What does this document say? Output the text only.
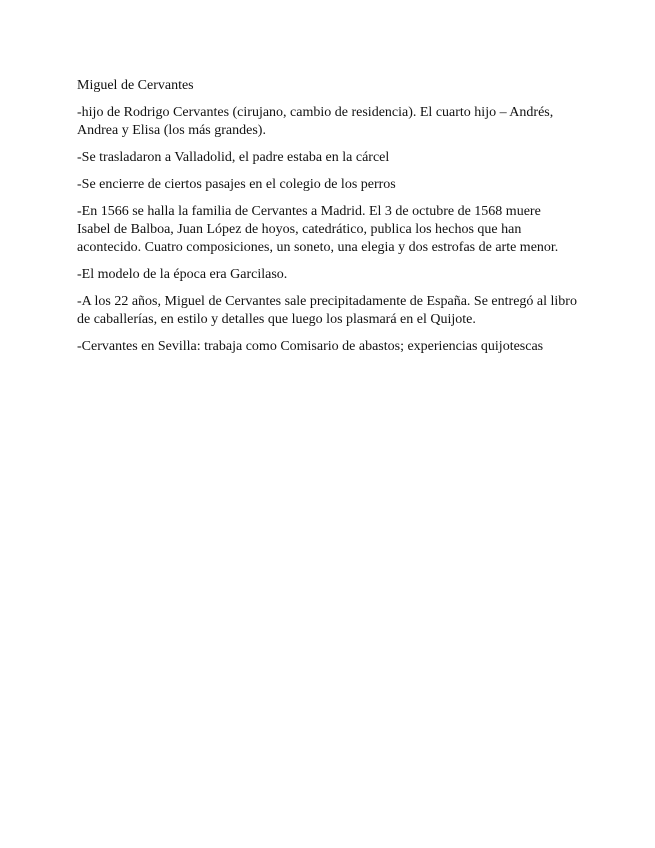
Miguel de Cervantes

-hijo de Rodrigo Cervantes (cirujano, cambio de residencia). El cuarto hijo – Andrés, Andrea y Elisa (los más grandes).

-Se trasladaron a Valladolid, el padre estaba en la cárcel

-Se encierre de ciertos pasajes en el colegio de los perros

-En 1566 se halla la familia de Cervantes a Madrid. El 3 de octubre de 1568 muere Isabel de Balboa, Juan López de hoyos, catedrático, publica los hechos que han acontecido. Cuatro composiciones, un soneto, una elegia y dos estrofas de arte menor.

-El modelo de la época era Garcilaso.

-A los 22 años, Miguel de Cervantes sale precipitadamente de España. Se entregó al libro de caballerías, en estilo y detalles que luego los plasmará en el Quijote.

-Cervantes en Sevilla: trabaja como Comisario de abastos; experiencias quijotescas
